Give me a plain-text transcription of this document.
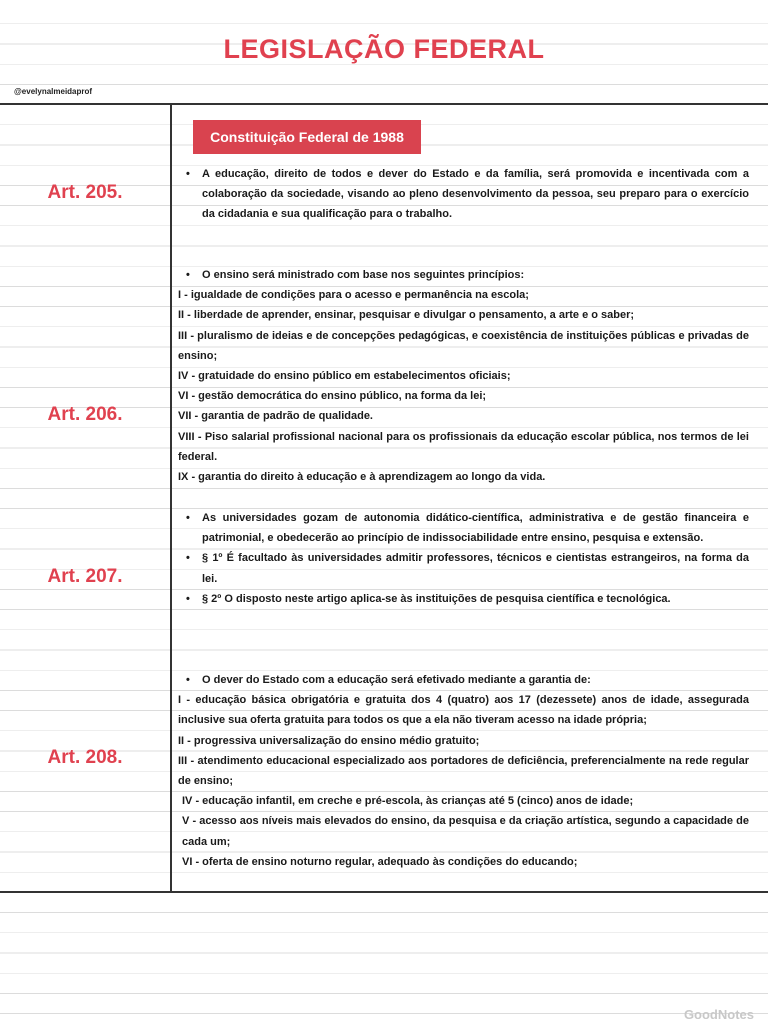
LEGISLAÇÃO FEDERAL
@evelynalmeidaprof
Constituição Federal de 1988
Art. 205.
Art. 206.
Art. 207.
Art. 208.
• A educação, direito de todos e dever do Estado e da família, será promovida e incentivada com a colaboração da sociedade, visando ao pleno desenvolvimento da pessoa, seu preparo para o exercício da cidadania e sua qualificação para o trabalho.
• O ensino será ministrado com base nos seguintes princípios:
I - igualdade de condições para o acesso e permanência na escola;
II - liberdade de aprender, ensinar, pesquisar e divulgar o pensamento, a arte e o saber;
III - pluralismo de ideias e de concepções pedagógicas, e coexistência de instituições públicas e privadas de ensino;
IV - gratuidade do ensino público em estabelecimentos oficiais;
VI - gestão democrática do ensino público, na forma da lei;
VII - garantia de padrão de qualidade.
VIII - Piso salarial profissional nacional para os profissionais da educação escolar pública, nos termos de lei federal.
IX - garantia do direito à educação e à aprendizagem ao longo da vida.
• As universidades gozam de autonomia didático-científica, administrativa e de gestão financeira e patrimonial, e obedecerão ao princípio de indissociabilidade entre ensino, pesquisa e extensão.
• § 1º É facultado às universidades admitir professores, técnicos e cientistas estrangeiros, na forma da lei.
• § 2º O disposto neste artigo aplica-se às instituições de pesquisa científica e tecnológica.
• O dever do Estado com a educação será efetivado mediante a garantia de:
I - educação básica obrigatória e gratuita dos 4 (quatro) aos 17 (dezessete) anos de idade, assegurada inclusive sua oferta gratuita para todos os que a ela não tiveram acesso na idade própria;
II - progressiva universalização do ensino médio gratuito;
III - atendimento educacional especializado aos portadores de deficiência, preferencialmente na rede regular de ensino;
IV - educação infantil, em creche e pré-escola, às crianças até 5 (cinco) anos de idade;
V - acesso aos níveis mais elevados do ensino, da pesquisa e da criação artística, segundo a capacidade de cada um;
VI - oferta de ensino noturno regular, adequado às condições do educando;
GoodNotes
